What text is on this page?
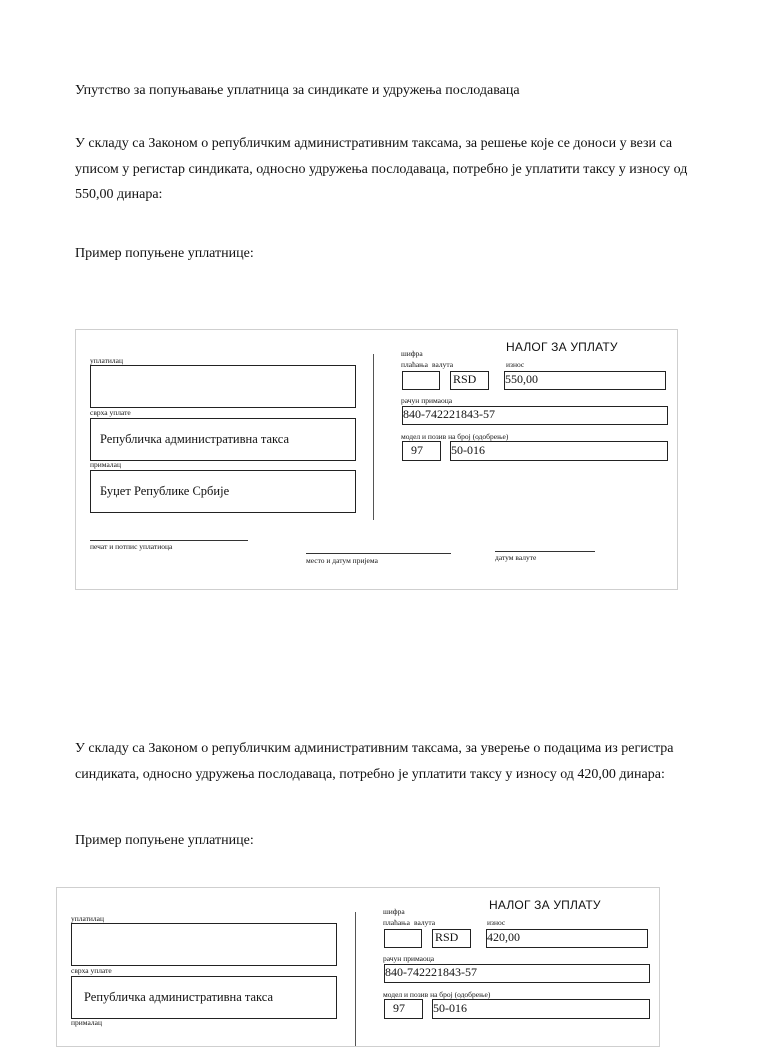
Упутство за попуњавање уплатница за синдикате и удружења послодаваца
У складу са Законом о републичким административним таксама, за решење које се доноси у вези са уписом у регистар синдиката, односно удружења послодаваца, потребно је уплатити таксу у износу од 550,00 динара:
Пример попуњене уплатнице:
уплатилац
сврха уплате
Републичка административна такса
прималац
Буџет Републике Србије
НАЛОГ ЗА УПЛАТУ
шифра
плаћања валута	износ
RSD 550,00
рачун примаоца
840-742221843-57
модел и позив на број (одобрење)
97 50-016
печат и потпис уплатиоца
место и датум пријема	датум валуте
У складу са Законом о републичким административним таксама, за уверење о подацима из регистра синдиката, односно удружења послодаваца, потребно је уплатити таксу у износу од 420,00 динара:
Пример попуњене уплатнице:
уплатилац
сврха уплате
Републичка административна такса
прималац
НАЛОГ ЗА УПЛАТУ
шифра
плаћања валута	износ
RSD 420,00
рачун примаоца
840-742221843-57
модел и позив на број (одобрење)
97 50-016
